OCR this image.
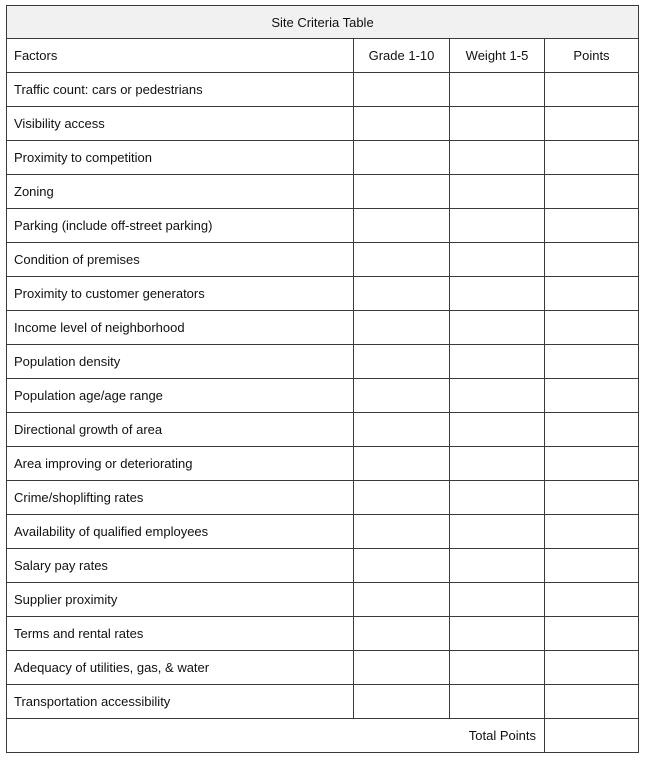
Site Criteria Table			
Factors	Grade 1-10	Weight 1-5	Points
Traffic count: cars or pedestrians			
Visibility access			
Proximity to competition			
Zoning			
Parking (include off-street parking)			
Condition of premises			
Proximity to customer generators			
Income level of neighborhood			
Population density			
Population age/age range			
Directional growth of area			
Area improving or deteriorating			
Crime/shoplifting rates			
Availability of qualified employees			
Salary pay rates			
Supplier proximity			
Terms and rental rates			
Adequacy of utilities, gas, & water			
Transportation accessibility			
Total Points			
